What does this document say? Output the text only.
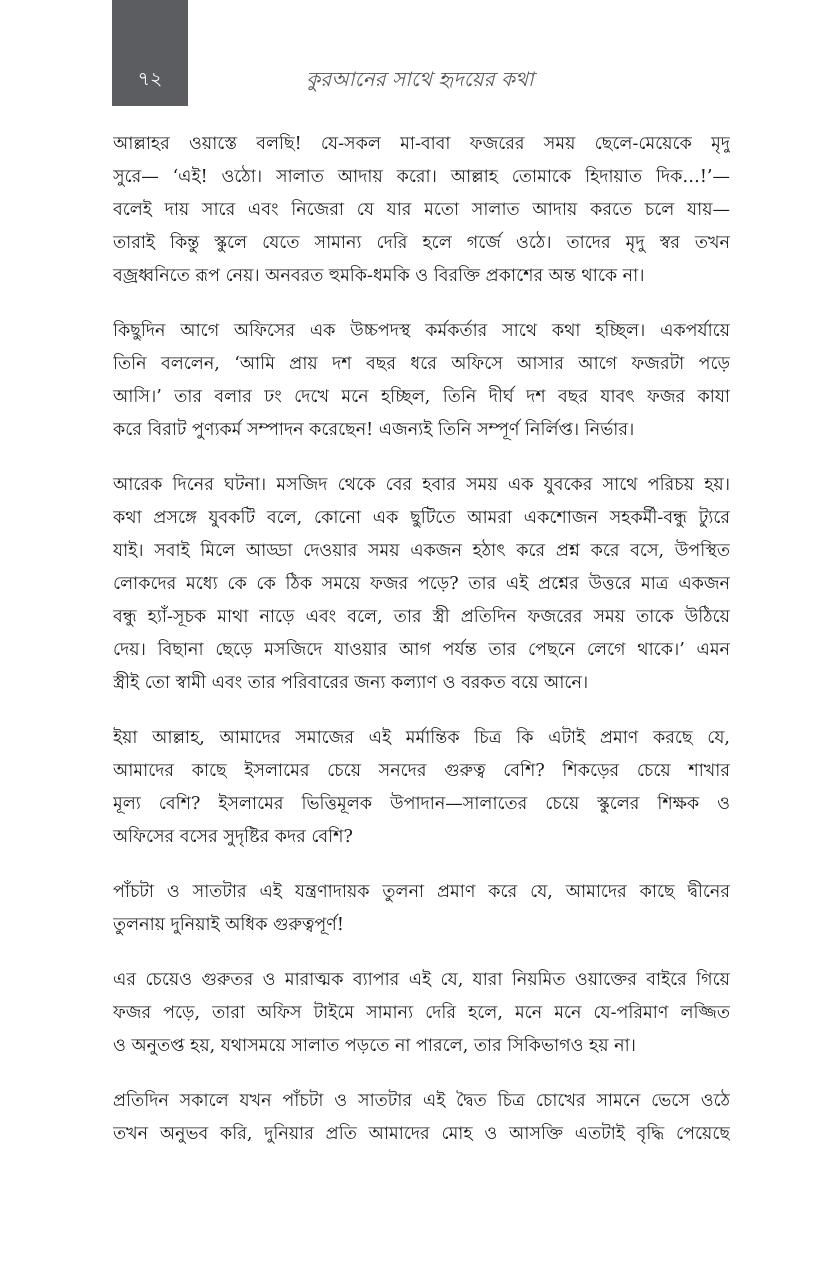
৭২	কুরআনের সাথে হৃদয়ের কথা
আল্লাহর ওয়াস্তে বলছি! যে-সকল মা-বাবা ফজরের সময় ছেলে-মেয়েকে মৃদু
সুরে— ‘এই! ওঠো। সালাত আদায় করো। আল্লাহ তোমাকে হিদায়াত দিক…!’—
বলেই দায় সারে এবং নিজেরা যে যার মতো সালাত আদায় করতে চলে যায়—
তারাই কিন্তু স্কুলে যেতে সামান্য দেরি হলে গর্জে ওঠে। তাদের মৃদু স্বর তখন
বজ্রধ্বনিতে রূপ নেয়। অনবরত হুমকি-ধমকি ও বিরক্তি প্রকাশের অন্ত থাকে না।
কিছুদিন আগে অফিসের এক উচ্চপদস্থ কর্মকর্তার সাথে কথা হচ্ছিল। একপর্যায়ে
তিনি বললেন, ‘আমি প্রায় দশ বছর ধরে অফিসে আসার আগে ফজরটা পড়ে
আসি।’ তার বলার ঢং দেখে মনে হচ্ছিল, তিনি দীর্ঘ দশ বছর যাবৎ ফজর কাযা
করে বিরাট পুণ্যকর্ম সম্পাদন করেছেন! এজন্যই তিনি সম্পূর্ণ নির্লিপ্ত। নির্ভার।
আরেক দিনের ঘটনা। মসজিদ থেকে বের হবার সময় এক যুবকের সাথে পরিচয় হয়।
কথা প্রসঙ্গে যুবকটি বলে, কোনো এক ছুটিতে আমরা একশোজন সহকর্মী-বন্ধু ট্যুরে
যাই। সবাই মিলে আড্ডা দেওয়ার সময় একজন হঠাৎ করে প্রশ্ন করে বসে, উপস্থিত
লোকদের মধ্যে কে কে ঠিক সময়ে ফজর পড়ে? তার এই প্রশ্নের উত্তরে মাত্র একজন
বন্ধু হ্যাঁ-সূচক মাথা নাড়ে এবং বলে, তার স্ত্রী প্রতিদিন ফজরের সময় তাকে উঠিয়ে
দেয়। বিছানা ছেড়ে মসজিদে যাওয়ার আগ পর্যন্ত তার পেছনে লেগে থাকে।’ এমন
স্ত্রীই তো স্বামী এবং তার পরিবারের জন্য কল্যাণ ও বরকত বয়ে আনে।
ইয়া আল্লাহ, আমাদের সমাজের এই মর্মান্তিক চিত্র কি এটাই প্রমাণ করছে যে,
আমাদের কাছে ইসলামের চেয়ে সনদের গুরুত্ব বেশি? শিকড়ের চেয়ে শাখার
মূল্য বেশি? ইসলামের ভিত্তিমূলক উপাদান—সালাতের চেয়ে স্কুলের শিক্ষক ও
অফিসের বসের সুদৃষ্টির কদর বেশি?
পাঁচটা ও সাতটার এই যন্ত্রণাদায়ক তুলনা প্রমাণ করে যে, আমাদের কাছে দ্বীনের
তুলনায় দুনিয়াই অধিক গুরুত্বপূর্ণ!
এর চেয়েও গুরুতর ও মারাত্মক ব্যাপার এই যে, যারা নিয়মিত ওয়াক্তের বাইরে গিয়ে
ফজর পড়ে, তারা অফিস টাইমে সামান্য দেরি হলে, মনে মনে যে-পরিমাণ লজ্জিত
ও অনুতপ্ত হয়, যথাসময়ে সালাত পড়তে না পারলে, তার সিকিভাগও হয় না।
প্রতিদিন সকালে যখন পাঁচটা ও সাতটার এই দ্বৈত চিত্র চোখের সামনে ভেসে ওঠে
তখন অনুভব করি, দুনিয়ার প্রতি আমাদের মোহ ও আসক্তি এতটাই বৃদ্ধি পেয়েছে
